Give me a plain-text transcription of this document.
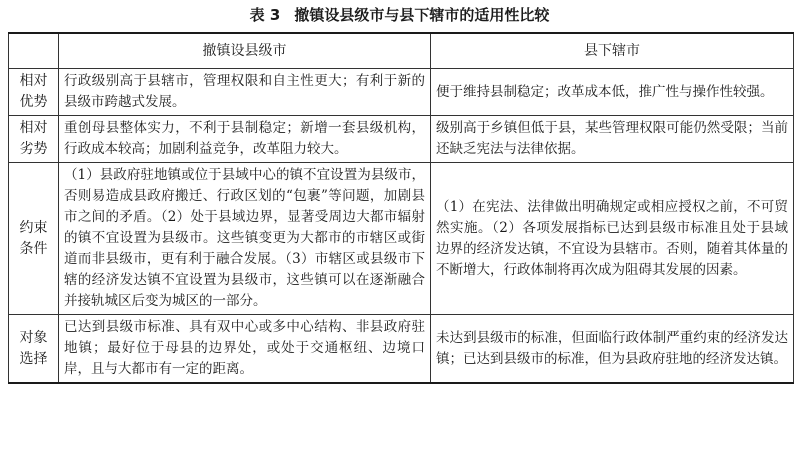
表 3 撤镇设县级市与县下辖市的适用性比较
	撤镇设县级市	县下辖市

相对
优势	行政级别高于县辖市，管理权限和自主性更大；有利于新的县级市跨越式发展。	便于维持县制稳定；改革成本低，推广性与操作性较强。

相对
劣势	重创母县整体实力，不利于县制稳定；新增一套县级机构，行政成本较高；加剧利益竞争，改革阻力较大。	级别高于乡镇但低于县，某些管理权限可能仍然受限；当前还缺乏宪法与法律依据。

约束
条件	（1）县政府驻地镇或位于县域中心的镇不宜设置为县级市，否则易造成县政府搬迁、行政区划的“包裹”等问题，加剧县市之间的矛盾。（2）处于县域边界，显著受周边大都市辐射的镇不宜设置为县级市。这些镇变更为大都市的市辖区或街道而非县级市，更有利于融合发展。（3）市辖区或县级市下辖的经济发达镇不宜设置为县级市，这些镇可以在逐渐融合并接轨城区后变为城区的一部分。	（1）在宪法、法律做出明确规定或相应授权之前，不可贸然实施。（2）各项发展指标已达到县级市标准且处于县域边界的经济发达镇，不宜设为县辖市。否则，随着其体量的不断增大，行政体制将再次成为阻碍其发展的因素。

对象
选择	已达到县级市标准、具有双中心或多中心结构、非县政府驻地镇；最好位于母县的边界处，或处于交通枢纽、边境口岸，且与大都市有一定的距离。	未达到县级市的标准，但面临行政体制严重约束的经济发达镇；已达到县级市的标准，但为县政府驻地的经济发达镇。
